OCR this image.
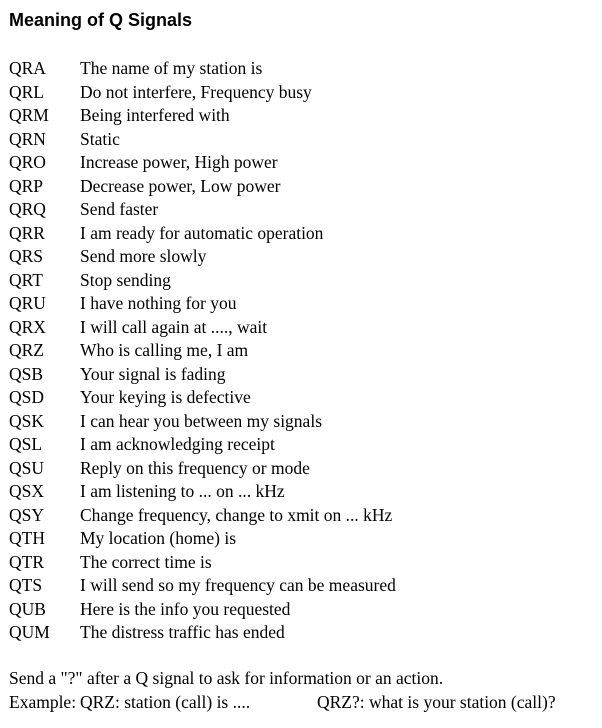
Meaning of Q Signals
QRA	The name of my station is
QRL	Do not interfere, Frequency busy
QRM	Being interfered with
QRN	Static
QRO	Increase power, High power
QRP	Decrease power, Low power
QRQ	Send faster
QRR	I am ready for automatic operation
QRS	Send more slowly
QRT	Stop sending
QRU	I have nothing for you
QRX	I will call again at ...., wait
QRZ	Who is calling me, I am
QSB	Your signal is fading
QSD	Your keying is defective
QSK	I can hear you between my signals
QSL	I am acknowledging receipt
QSU	Reply on this frequency or mode
QSX	I am listening to ... on ... kHz
QSY	Change frequency, change to xmit on ... kHz
QTH	My location (home) is
QTR	The correct time is
QTS	I will send so my frequency can be measured
QUB	Here is the info you requested
QUM	The distress traffic has ended
Send a "?" after a Q signal to ask for information or an action.
Example: QRZ: station (call) is ....	QRZ?: what is your station (call)?
